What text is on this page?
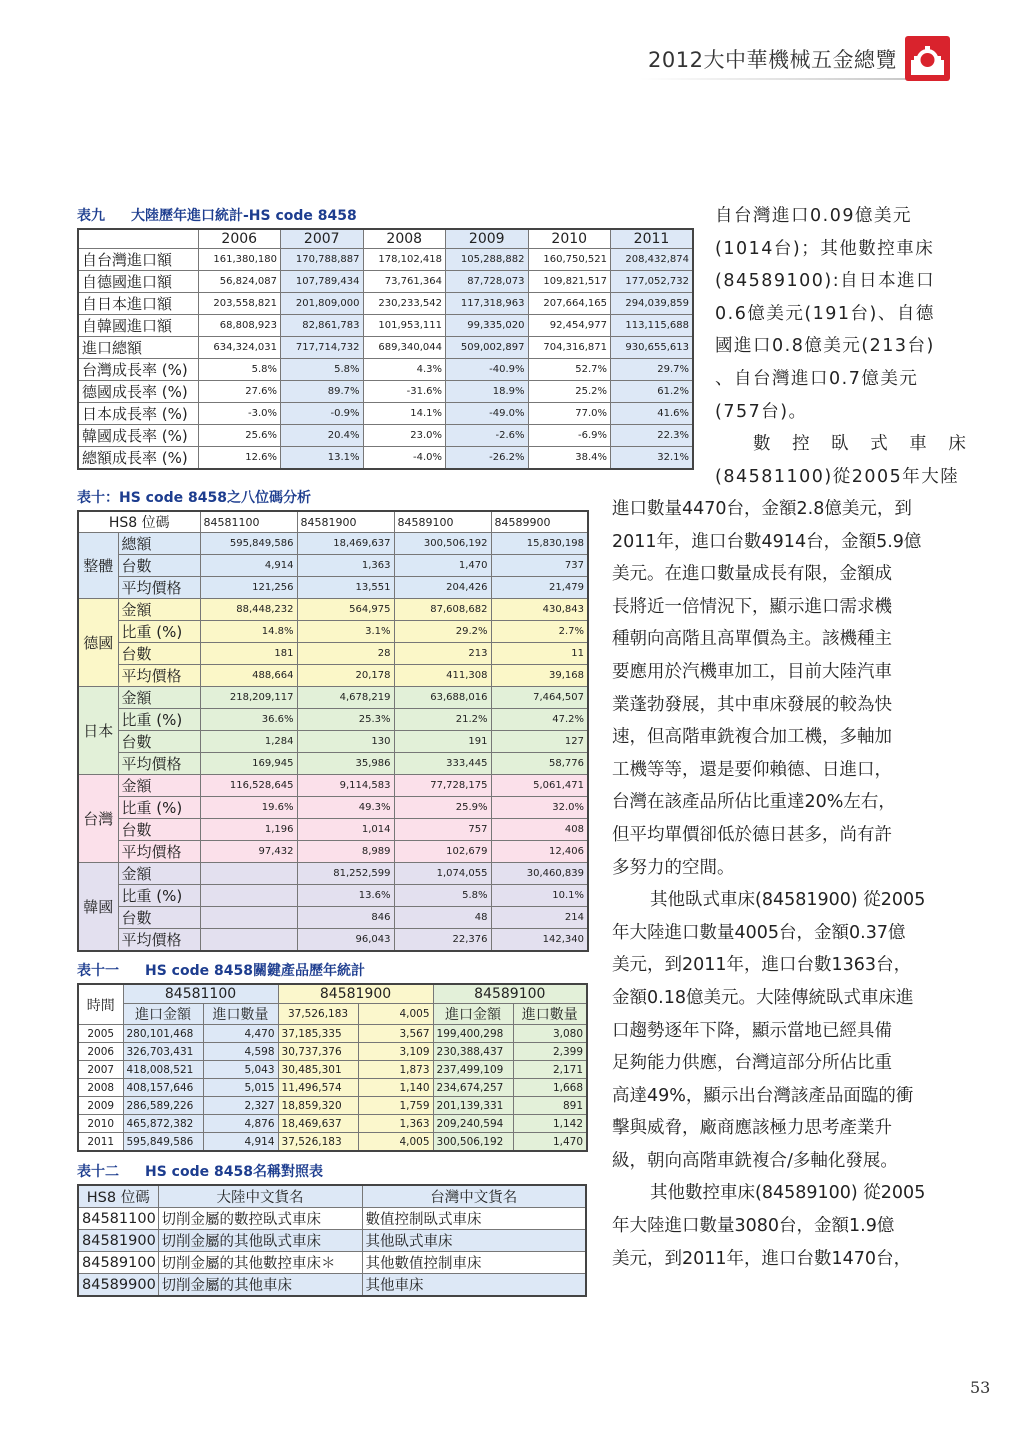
2012大中華機械五金總覽
表九 大陸歷年進口統計-HS code 8458
	2006	2007	2008	2009	2010	2011
自台灣進口額	161,380,180	170,788,887	178,102,418	105,288,882	160,750,521	208,432,874
自德國進口額	56,824,087	107,789,434	73,761,364	87,728,073	109,821,517	177,052,732
自日本進口額	203,558,821	201,809,000	230,233,542	117,318,963	207,664,165	294,039,859
自韓國進口額	68,808,923	82,861,783	101,953,111	99,335,020	92,454,977	113,115,688
進口總額	634,324,031	717,714,732	689,340,044	509,002,897	704,316,871	930,655,613
台灣成長率 (%)	5.8%	5.8%	4.3%	-40.9%	52.7%	29.7%
德國成長率 (%)	27.6%	89.7%	-31.6%	18.9%	25.2%	61.2%
日本成長率 (%)	-3.0%	-0.9%	14.1%	-49.0%	77.0%	41.6%
韓國成長率 (%)	25.6%	20.4%	23.0%	-2.6%	-6.9%	22.3%
總額成長率 (%)	12.6%	13.1%	-4.0%	-26.2%	38.4%	32.1%
表十：HS code 8458之八位碼分析
HS8 位碼		84581100	84581900	84589100	84589900
整體	總額	595,849,586	18,469,637	300,506,192	15,830,198
	台數	4,914	1,363	1,470	737
	平均價格	121,256	13,551	204,426	21,479
德國	金額	88,448,232	564,975	87,608,682	430,843
	比重 (%)	14.8%	3.1%	29.2%	2.7%
	台數	181	28	213	11
	平均價格	488,664	20,178	411,308	39,168
日本	金額	218,209,117	4,678,219	63,688,016	7,464,507
	比重 (%)	36.6%	25.3%	21.2%	47.2%
	台數	1,284	130	191	127
	平均價格	169,945	35,986	333,445	58,776
台灣	金額	116,528,645	9,114,583	77,728,175	5,061,471
	比重 (%)	19.6%	49.3%	25.9%	32.0%
	台數	1,196	1,014	757	408
	平均價格	97,432	8,989	102,679	12,406
韓國	金額		81,252,599	1,074,055	30,460,839
	比重 (%)		13.6%	5.8%	10.1%
	台數		846	48	214
	平均價格		96,043	22,376	142,340
表十一 HS code 8458關鍵產品歷年統計
時間	84581100		84581900		84589100	
	進口金額	進口數量	37,526,183	4,005	進口金額	進口數量
2005	280,101,468	4,470	37,185,335	3,567	199,400,298	3,080
2006	326,703,431	4,598	30,737,376	3,109	230,388,437	2,399
2007	418,008,521	5,043	30,485,301	1,873	237,499,109	2,171
2008	408,157,646	5,015	11,496,574	1,140	234,674,257	1,668
2009	286,589,226	2,327	18,859,320	1,759	201,139,331	891
2010	465,872,382	4,876	18,469,637	1,363	209,240,594	1,142
2011	595,849,586	4,914	37,526,183	4,005	300,506,192	1,470
表十二 HS code 8458名稱對照表
HS8 位碼	大陸中文貨名	台灣中文貨名
84581100	切削金屬的數控臥式車床	數值控制臥式車床
84581900	切削金屬的其他臥式車床	其他臥式車床
84589100	切削金屬的其他數控車床＊	其他數值控制車床
84589900	切削金屬的其他車床	其他車床
自台灣進口0.09億美元
(1014台)；其他數控車床
(84589100):自日本進口
0.6億美元(191台)、自德
國進口0.8億美元(213台)
、自台灣進口0.7億美元
(757台)。
數 控 臥 式 車 床
(84581100)從2005年大陸
進口數量4470台，金額2.8億美元，到
2011年，進口台數4914台，金額5.9億
美元。在進口數量成長有限，金額成
長將近一倍情況下，顯示進口需求機
種朝向高階且高單價為主。該機種主
要應用於汽機車加工，目前大陸汽車
業蓬勃發展，其中車床發展的較為快
速，但高階車銑複合加工機，多軸加
工機等等，還是要仰賴德、日進口，
台灣在該產品所佔比重達20%左右，
但平均單價卻低於德日甚多，尚有許
多努力的空間。
其他臥式車床(84581900) 從2005
年大陸進口數量4005台，金額0.37億
美元，到2011年，進口台數1363台，
金額0.18億美元。大陸傳統臥式車床進
口趨勢逐年下降，顯示當地已經具備
足夠能力供應，台灣這部分所佔比重
高達49%，顯示出台灣該產品面臨的衝
擊與威脅，廠商應該極力思考產業升
級，朝向高階車銑複合/多軸化發展。
其他數控車床(84589100) 從2005
年大陸進口數量3080台，金額1.9億
美元，到2011年，進口台數1470台，
53
